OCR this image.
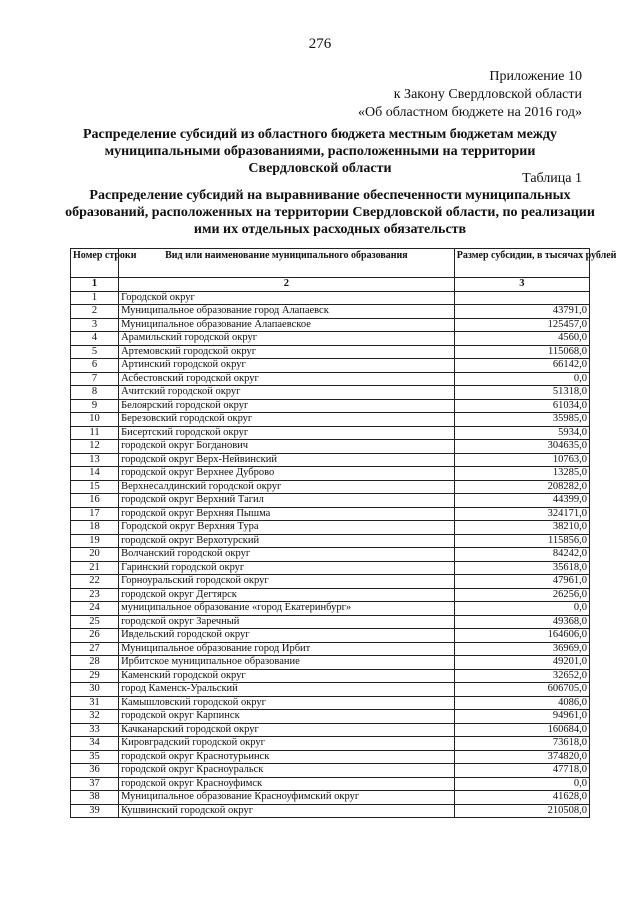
276
Приложение 10
к Закону Свердловской области
«Об областном бюджете на 2016 год»
Распределение субсидий из областного бюджета местным бюджетам между муниципальными образованиями, расположенными на территории Свердловской области
Таблица 1
Распределение субсидий на выравнивание обеспеченности муниципальных образований, расположенных на территории Свердловской области, по реализации ими их отдельных расходных обязательств
Номер строки	Вид или наименование муниципального образования	Размер субсидии, в тысячах рублей
1	2	3
1	Городской округ	
2	Муниципальное образование город Алапаевск	43791,0
3	Муниципальное образование Алапаевское	125457,0
4	Арамильский городской округ	4560,0
5	Артемовский городской округ	115068,0
6	Артинский городской округ	66142,0
7	Асбестовский городской округ	0,0
8	Ачитский городской округ	51318,0
9	Белоярский городской округ	61034,0
10	Березовский городской округ	35985,0
11	Бисертский городской округ	5934,0
12	городской округ Богданович	304635,0
13	городской округ Верх-Нейвинский	10763,0
14	городской округ Верхнее Дуброво	13285,0
15	Верхнесалдинский городской округ	208282,0
16	городской округ Верхний Тагил	44399,0
17	городской округ Верхняя Пышма	324171,0
18	Городской округ Верхняя Тура	38210,0
19	городской округ Верхотурский	115856,0
20	Волчанский городской округ	84242,0
21	Гаринский городской округ	35618,0
22	Горноуральский городской округ	47961,0
23	городской округ Дегтярск	26256,0
24	муниципальное образование «город Екатеринбург»	0,0
25	городской округ Заречный	49368,0
26	Ивдельский городской округ	164606,0
27	Муниципальное образование город Ирбит	36969,0
28	Ирбитское муниципальное образование	49201,0
29	Каменский городской округ	32652,0
30	город Каменск-Уральский	606705,0
31	Камышловский городской округ	4086,0
32	городской округ Карпинск	94961,0
33	Качканарский городской округ	160684,0
34	Кировградский городской округ	73618,0
35	городской округ Краснотурьинск	374820,0
36	городской округ Красноуральск	47718,0
37	городской округ Красноуфимск	0,0
38	Муниципальное образование Красноуфимский округ	41628,0
39	Кушвинский городской округ	210508,0
